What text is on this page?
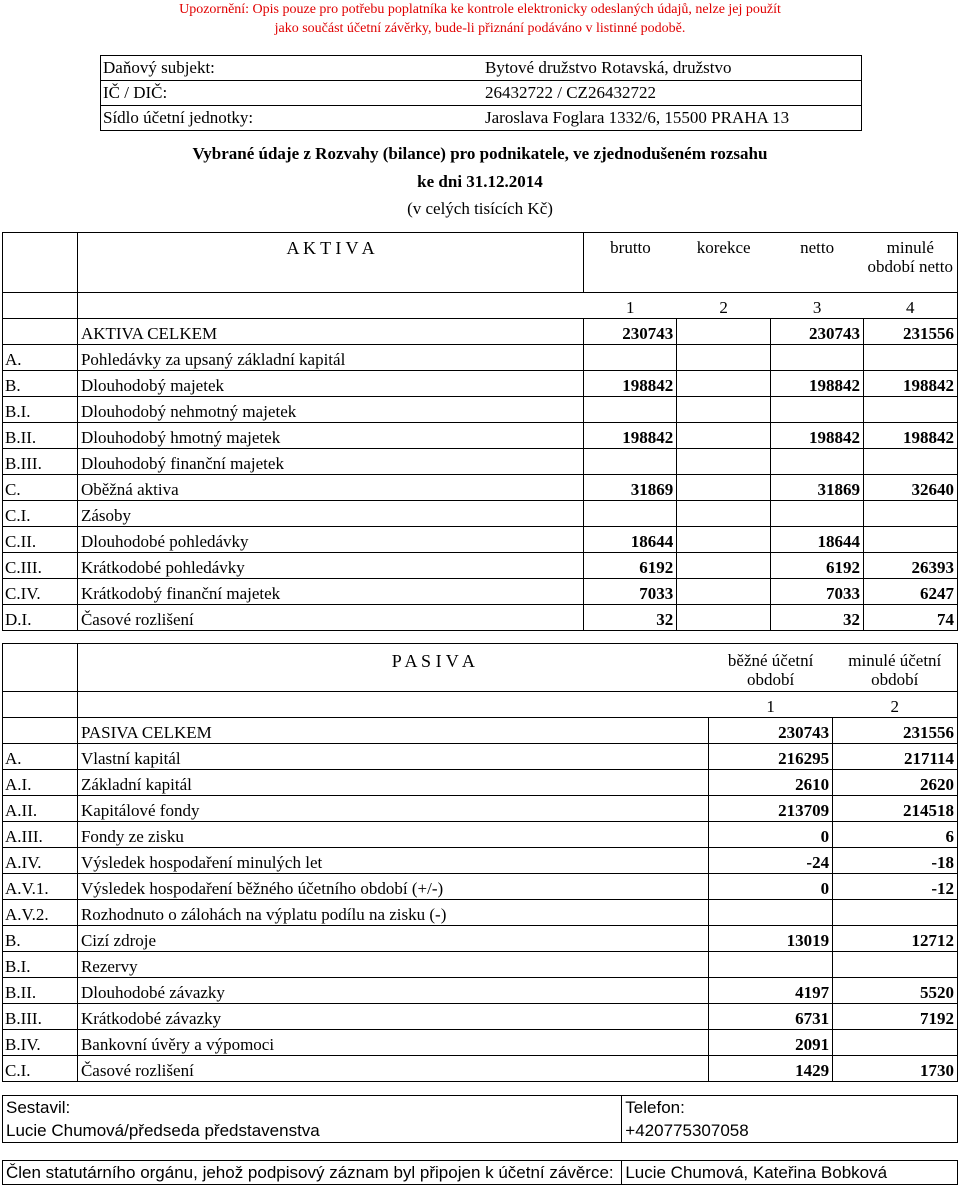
Upozornění: Opis pouze pro potřebu poplatníka ke kontrole elektronicky odeslaných údajů, nelze jej použít
jako součást účetní závěrky, bude-li přiznání podáváno v listinné podobě.
Daňový subjekt:	Bytové družstvo Rotavská, družstvo
IČ / DIČ:	26432722 / CZ26432722
Sídlo účetní jednotky:	Jaroslava Foglara 1332/6, 15500 PRAHA 13
Vybrané údaje z Rozvahy (bilance) pro podnikatele, ve zjednodušeném rozsahu
ke dni 31.12.2014
(v celých tisících Kč)
	A K T I V A	brutto	korekce	netto	minulé období netto
		1	2	3	4
	AKTIVA CELKEM	230743		230743	231556
A.	Pohledávky za upsaný základní kapitál				
B.	Dlouhodobý majetek	198842		198842	198842
B.I.	Dlouhodobý nehmotný majetek				
B.II.	Dlouhodobý hmotný majetek	198842		198842	198842
B.III.	Dlouhodobý finanční majetek				
C.	Oběžná aktiva	31869		31869	32640
C.I.	Zásoby				
C.II.	Dlouhodobé pohledávky	18644		18644	
C.III.	Krátkodobé pohledávky	6192		6192	26393
C.IV.	Krátkodobý finanční majetek	7033		7033	6247
D.I.	Časové rozlišení	32		32	74
	P A S I V A	běžné účetní období	minulé účetní období
		1	2
	PASIVA CELKEM	230743	231556
A.	Vlastní kapitál	216295	217114
A.I.	Základní kapitál	2610	2620
A.II.	Kapitálové fondy	213709	214518
A.III.	Fondy ze zisku	0	6
A.IV.	Výsledek hospodaření minulých let	-24	-18
A.V.1.	Výsledek hospodaření běžného účetního období (+/-)	0	-12
A.V.2.	Rozhodnuto o zálohách na výplatu podílu na zisku (-)		
B.	Cizí zdroje	13019	12712
B.I.	Rezervy		
B.II.	Dlouhodobé závazky	4197	5520
B.III.	Krátkodobé závazky	6731	7192
B.IV.	Bankovní úvěry a výpomoci	2091	
C.I.	Časové rozlišení	1429	1730
Sestavil:	Telefon:
Lucie Chumová/předseda představenstva	+420775307058
Člen statutárního orgánu, jehož podpisový záznam byl připojen k účetní závěrce:	Lucie Chumová, Kateřina Bobková
